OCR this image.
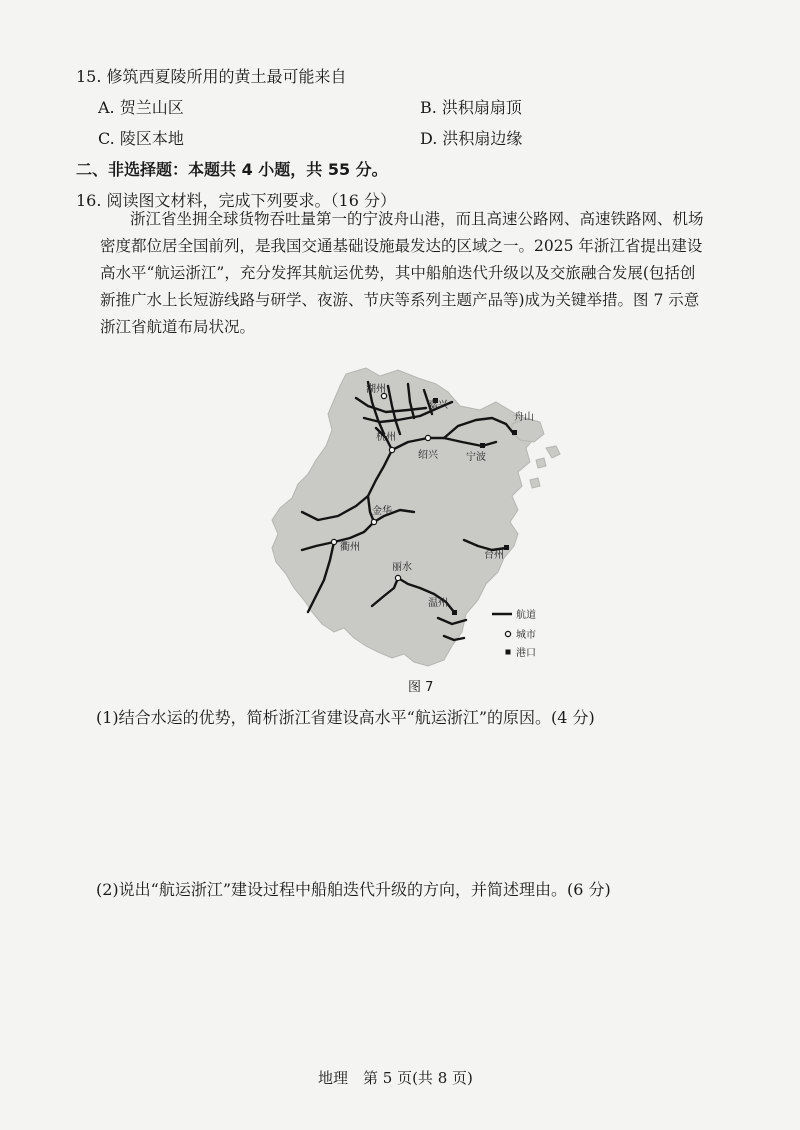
15. 修筑西夏陵所用的黄土最可能来自
A. 贺兰山区	B. 洪积扇扇顶
C. 陵区本地	D. 洪积扇边缘
二、非选择题：本题共 4 小题，共 55 分。
16. 阅读图文材料，完成下列要求。（16 分）
浙江省坐拥全球货物吞吐量第一的宁波舟山港，而且高速公路网、高速铁路网、机场
密度都位居全国前列，是我国交通基础设施最发达的区域之一。2025 年浙江省提出建设
高水平“航运浙江”，充分发挥其航运优势，其中船舶迭代升级以及交旅融合发展(包括创
新推广水上长短游线路与研学、夜游、节庆等系列主题产品等)成为关键举措。图 7 示意
浙江省航道布局状况。
湖州
嘉兴
杭州
绍兴	宁波
舟山
金华
衢州
台州
丽水
温州
航道
城市
港口
图 7
(1)结合水运的优势，简析浙江省建设高水平“航运浙江”的原因。(4 分)
(2)说出“航运浙江”建设过程中船舶迭代升级的方向，并简述理由。(6 分)
地理　第 5 页(共 8 页)
